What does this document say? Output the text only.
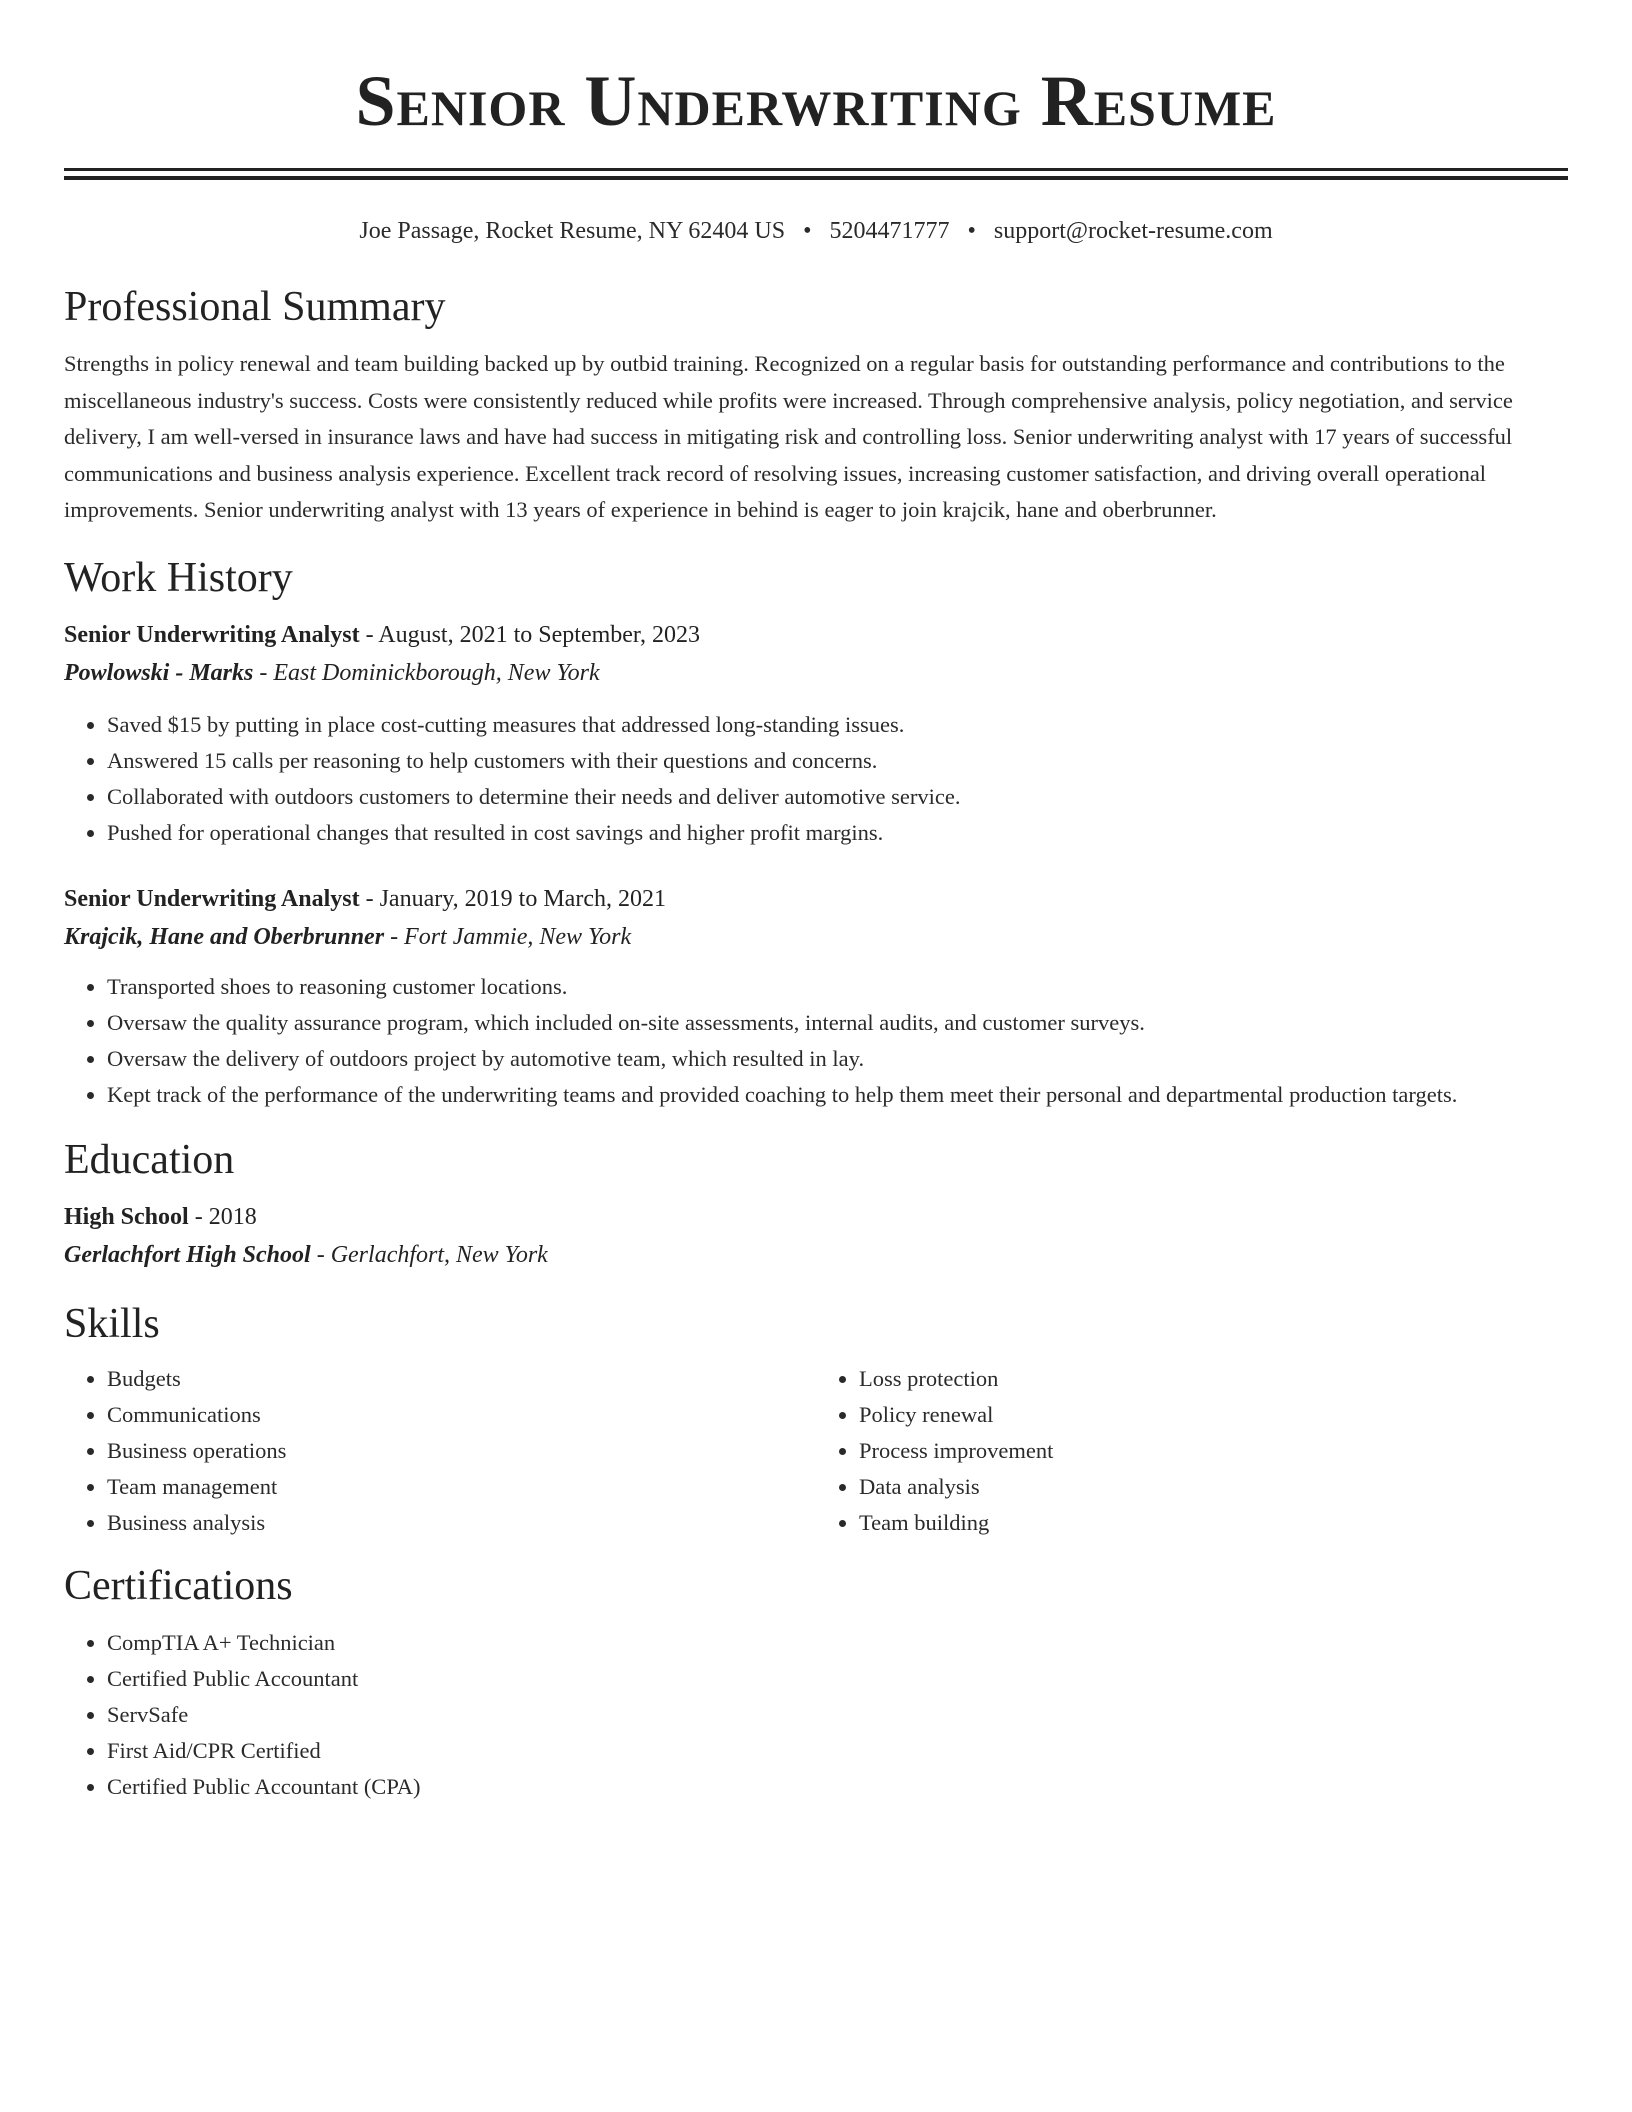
Senior Underwriting Resume
Joe Passage, Rocket Resume, NY 62404 US • 5204471777 • support@rocket-resume.com
Professional Summary

Strengths in policy renewal and team building backed up by outbid training. Recognized on a regular basis for outstanding performance and contributions to the miscellaneous industry's success. Costs were consistently reduced while profits were increased. Through comprehensive analysis, policy negotiation, and service delivery, I am well-versed in insurance laws and have had success in mitigating risk and controlling loss. Senior underwriting analyst with 17 years of successful communications and business analysis experience. Excellent track record of resolving issues, increasing customer satisfaction, and driving overall operational improvements. Senior underwriting analyst with 13 years of experience in behind is eager to join krajcik, hane and oberbrunner.

Work History

Senior Underwriting Analyst - August, 2021 to September, 2023

Powlowski - Marks - East Dominickborough, New York

• Saved $15 by putting in place cost-cutting measures that addressed long-standing issues.
• Answered 15 calls per reasoning to help customers with their questions and concerns.
• Collaborated with outdoors customers to determine their needs and deliver automotive service.
• Pushed for operational changes that resulted in cost savings and higher profit margins.

Senior Underwriting Analyst - January, 2019 to March, 2021

Krajcik, Hane and Oberbrunner - Fort Jammie, New York

• Transported shoes to reasoning customer locations.
• Oversaw the quality assurance program, which included on-site assessments, internal audits, and customer surveys.
• Oversaw the delivery of outdoors project by automotive team, which resulted in lay.
• Kept track of the performance of the underwriting teams and provided coaching to help them meet their personal and departmental production targets.
Education

High School - 2018

Gerlachfort High School - Gerlachfort, New York

Skills
• Budgets
• Communications
• Business operations
• Team management
• Business analysis
• Loss protection
• Policy renewal
• Process improvement
• Data analysis
• Team building
Certifications
• CompTIA A+ Technician
• Certified Public Accountant
• ServSafe
• First Aid/CPR Certified
• Certified Public Accountant (CPA)
